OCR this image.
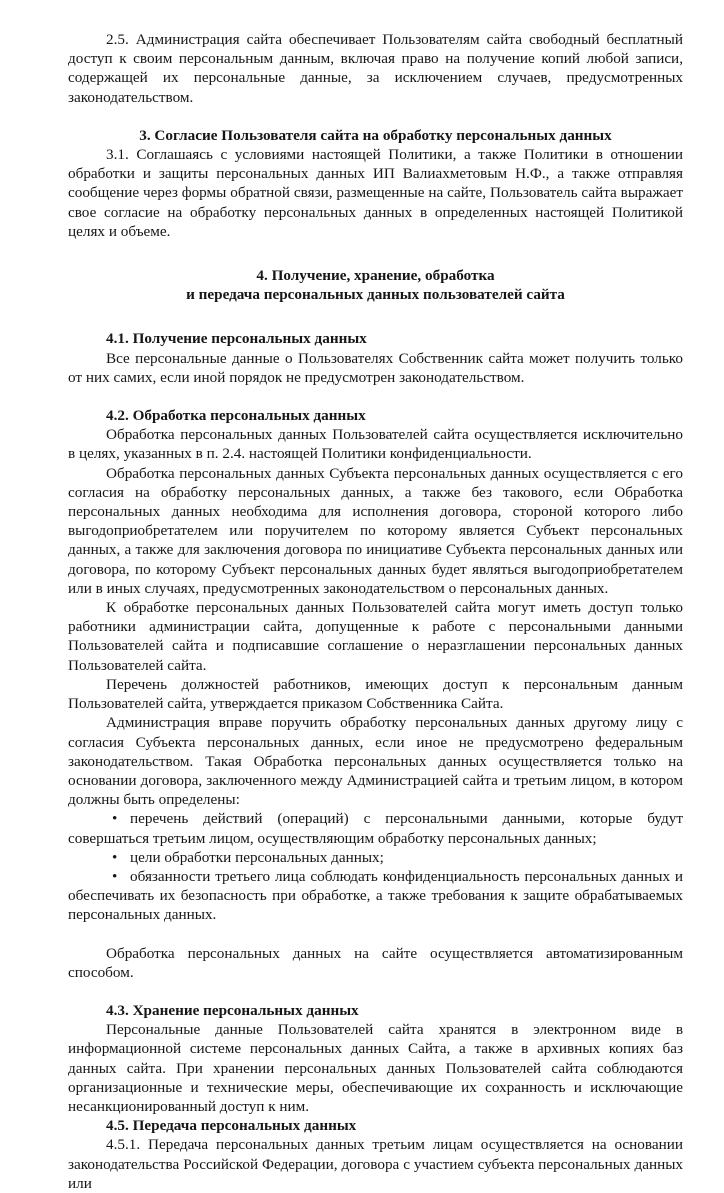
2.5. Администрация сайта обеспечивает Пользователям сайта свободный бесплатный доступ к своим персональным данным, включая право на получение копий любой записи, содержащей их персональные данные, за исключением случаев, предусмотренных законодательством.

3. Согласие Пользователя сайта на обработку персональных данных

3.1. Соглашаясь с условиями настоящей Политики, а также Политики в отношении обработки и защиты персональных данных ИП Валиахметовым Н.Ф., а также отправляя сообщение через формы обратной связи, размещенные на сайте, Пользователь сайта выражает свое согласие на обработку персональных данных в определенных настоящей Политикой целях и объеме.

4. Получение, хранение, обработка

и передача персональных данных пользователей сайта

4.1. Получение персональных данных

Все персональные данные о Пользователях Собственник сайта может получить только от них самих, если иной порядок не предусмотрен законодательством.

4.2. Обработка персональных данных

Обработка персональных данных Пользователей сайта осуществляется исключительно в целях, указанных в п. 2.4. настоящей Политики конфиденциальности.

Обработка персональных данных Субъекта персональных данных осуществляется с его согласия на обработку персональных данных, а также без такового, если Обработка персональных данных необходима для исполнения договора, стороной которого либо выгодоприобретателем или поручителем по которому является Субъект персональных данных, а также для заключения договора по инициативе Субъекта персональных данных или договора, по которому Субъект персональных данных будет являться выгодоприобретателем или в иных случаях, предусмотренных законодательством о персональных данных.

К обработке персональных данных Пользователей сайта могут иметь доступ только работники администрации сайта, допущенные к работе с персональными данными Пользователей сайта и подписавшие соглашение о неразглашении персональных данных Пользователей сайта.

Перечень должностей работников, имеющих доступ к персональным данным Пользователей сайта, утверждается приказом Собственника Сайта.

Администрация вправе поручить обработку персональных данных другому лицу с согласия Субъекта персональных данных, если иное не предусмотрено федеральным законодательством. Такая Обработка персональных данных осуществляется только на основании договора, заключенного между Администрацией сайта и третьим лицом, в котором должны быть определены:

• перечень действий (операций) с персональными данными, которые будут совершаться третьим лицом, осуществляющим обработку персональных данных;

• цели обработки персональных данных;

• обязанности третьего лица соблюдать конфиденциальность персональных данных и обеспечивать их безопасность при обработке, а также требования к защите обрабатываемых персональных данных.

Обработка персональных данных на сайте осуществляется автоматизированным способом.

4.3. Хранение персональных данных

Персональные данные Пользователей сайта хранятся в электронном виде в информационной системе персональных данных Сайта, а также в архивных копиях баз данных сайта. При хранении персональных данных Пользователей сайта соблюдаются организационные и технические меры, обеспечивающие их сохранность и исключающие несанкционированный доступ к ним.

4.5. Передача персональных данных

4.5.1. Передача персональных данных третьим лицам осуществляется на основании законодательства Российской Федерации, договора с участием субъекта персональных данных или
